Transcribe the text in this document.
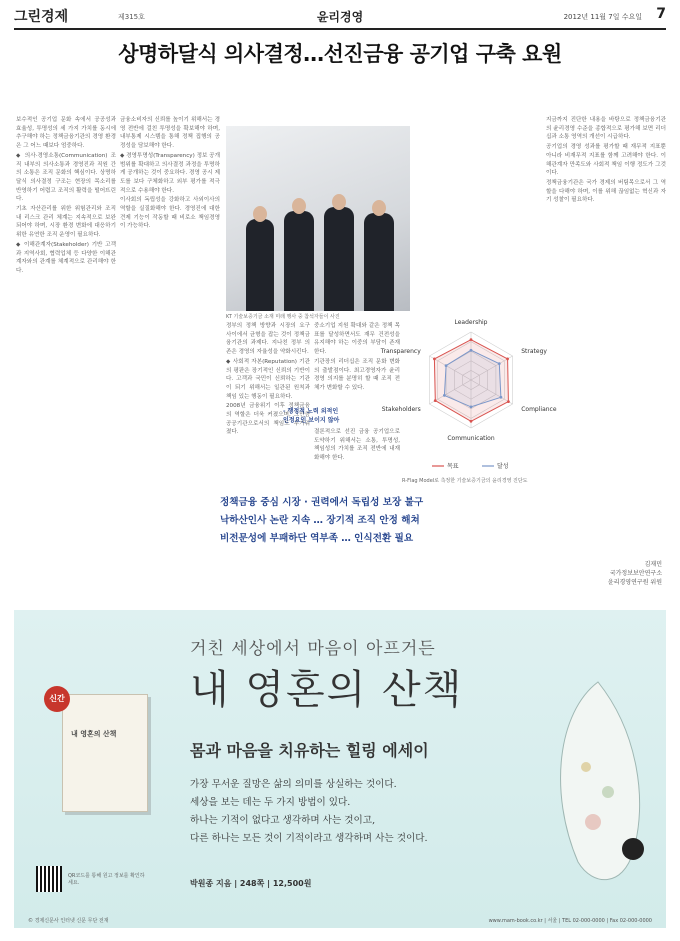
그린경제	제315호	윤리경영	2012년 11월 7일 수요일 7
상명하달식 의사결정…선진금융 공기업 구축 요원

보수적인 공기업 문화 속에서 공공성과 효율성, 투명성의 세 가지 가치를 동시에 추구해야 하는 정책금융기관의 경영 환경은 그 어느 때보다 엄중하다.

◆ 의사·경영소통(Communication) 조직 내부의 의사소통과 경영진과 직원 간의 소통은 조직 문화의 핵심이다. 상명하달식 의사결정 구조는 현장의 목소리를 반영하기 어렵고 조직의 활력을 떨어뜨린다.

기초 자산관리를 위한 위험관리와 조직 내 리스크 관리 체계는 지속적으로 보완되어야 하며, 시장 환경 변화에 대응하기 위한 유연한 조직 운영이 필요하다.

◆ 이해관계자(Stakeholder) 기반 고객과 지역사회, 협력업체 등 다양한 이해관계자와의 관계를 체계적으로 관리해야 한다.

금융소비자의 신뢰를 높이기 위해서는 경영 전반에 걸친 투명성을 확보해야 하며, 내부통제 시스템을 통해 정책 집행의 공정성을 담보해야 한다.

◆ 경영투명성(Transparency) 정보 공개 범위를 확대하고 의사결정 과정을 투명하게 공개하는 것이 중요하다. 경영 공시 제도를 보다 구체화하고 외부 평가를 적극적으로 수용해야 한다.

이사회의 독립성을 강화하고 사외이사의 역할을 실질화해야 한다. 경영진에 대한 견제 기능이 작동할 때 비로소 책임경영이 가능하다.

KT 기술보증기금 소재 미래 행사 중 참석자들이 사진

정부의 정책 방향과 시장의 요구 사이에서 균형을 잡는 것이 정책금융기관의 과제다. 지나친 정부 의존은 경영의 자율성을 약화시킨다.

◆ 사회적 자본(Reputation) 기관의 평판은 장기적인 신뢰의 기반이다. 고객과 국민이 신뢰하는 기관이 되기 위해서는 일관된 원칙과 책임 있는 행동이 필요하다.

2008년 금융위기 이후 정책금융의 역할은 더욱 커졌으며, 그만큼 공공기관으로서의 책임도 무거워졌다.

중소기업 지원 확대와 같은 정책 목표를 달성하면서도 재무 건전성을 유지해야 하는 이중의 부담이 존재한다.

기관장의 리더십은 조직 문화 변화의 출발점이다. 최고경영자가 윤리경영 의지를 분명히 할 때 조직 전체가 변화할 수 있다.

- 행정적 노력 외적인
인정요인 보이지 않아

결론적으로 선진 금융 공기업으로 도약하기 위해서는 소통, 투명성, 책임성의 가치를 조직 전반에 내재화해야 한다.

Leadership
Strategy
Compliance
Communication
Stakeholders
Transparency
목표	달성
R-Flag Model로 측정한 기술보증기금의 윤리경영 진단도

지금까지 진단한 내용을 바탕으로 정책금융기관의 윤리경영 수준을 종합적으로 평가해 보면 리더십과 소통 영역의 개선이 시급하다.

공기업의 경영 성과를 평가할 때 재무적 지표뿐 아니라 비재무적 지표를 함께 고려해야 한다. 이해관계자 만족도와 사회적 책임 이행 정도가 그것이다.

정책금융기관은 국가 경제의 버팀목으로서 그 역할을 다해야 하며, 이를 위해 끊임없는 혁신과 자기 성찰이 필요하다.

정책금융 중심 시장 · 권력에서 독립성 보장 불구
낙하산인사 논란 지속 … 장기적 조직 안정 해쳐
비전문성에 부패하단 역부족 … 인식전환 필요
김재민
국가정보보안연구소
윤리경영연구원 위원
거친 세상에서 마음이 아프거든
내 영혼의 산책
몸과 마음을 치유하는 힐링 에세이
가장 무서운 질망은 삶의 의미를 상실하는 것이다.
세상을 보는 데는 두 가지 방법이 있다.
하나는 기적이 없다고 생각하며 사는 것이고,
다른 하나는 모든 것이 기적이라고 생각하며 사는 것이다.
박원종 지음 | 248쪽 | 12,500원
내 영혼의 산책
신간
QR코드를 통해 원고 정보를 확인하세요.
© 경제신문사 인터넷 신문 무단 전재	www.mam-book.co.kr | 서울 | TEL 02-000-0000 | Fax 02-000-0000
